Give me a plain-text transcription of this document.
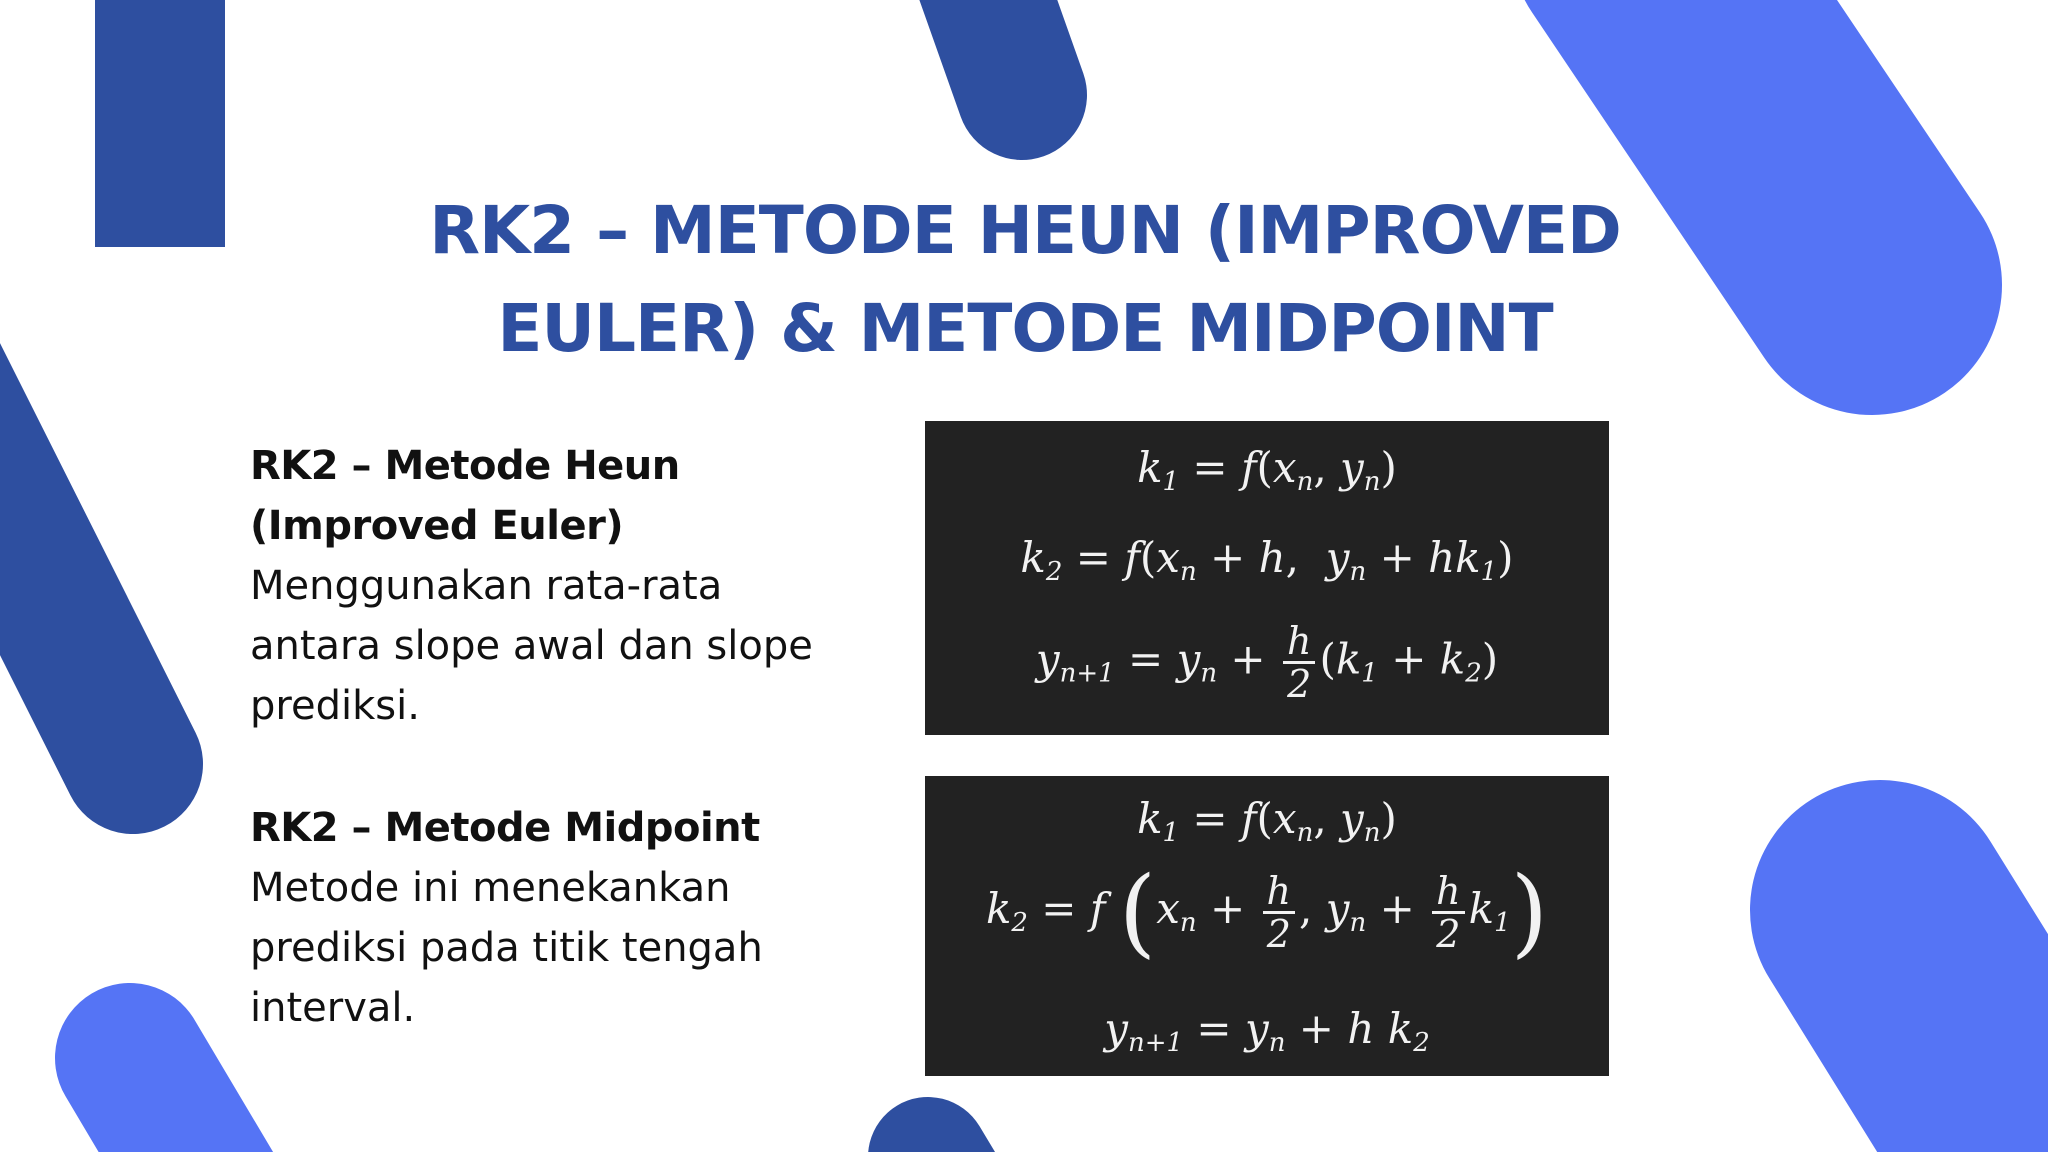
RK2 – METODE HEUN (IMPROVED EULER) & METODE MIDPOINT
RK2 – Metode Heun (Improved Euler)
Menggunakan rata-rata antara slope awal dan slope prediksi.
RK2 – Metode Midpoint
Metode ini menekankan prediksi pada titik tengah interval.
$k_1 = f(x_n$, $y_n$)
$k_2 = f(x_n + h$,  $y_n + hk_1$)
$y_{n+1} = y_n + \frac{h}{2} (k_1 + k_2)$
$k_1 = f(x_n$, $y_n$)
$k_2 = f$ ($x_n + \frac{h}{2}$ , $y_n + \frac{h}{2} k_1$)
$y_{n+1} = y_n + h$ $k_2$
